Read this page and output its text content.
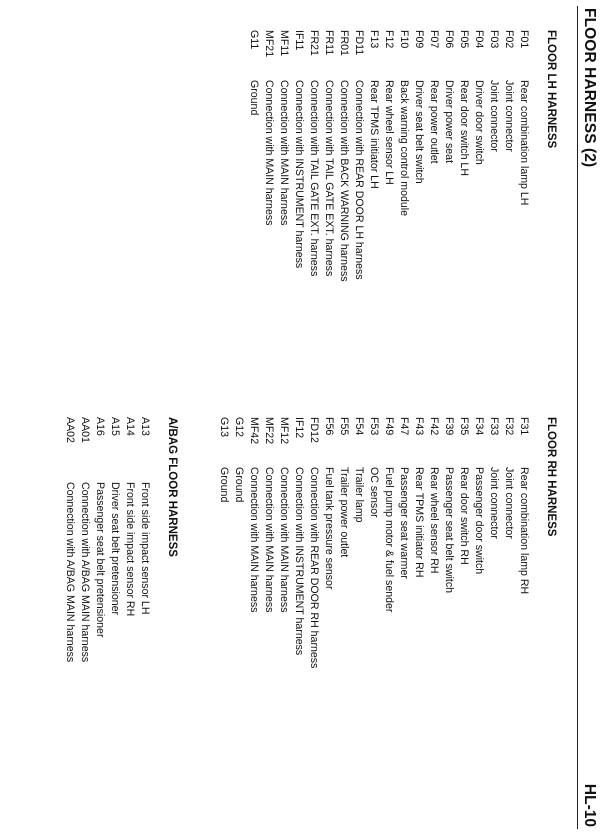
FLOOR HARNESS (2)
HL-10
FLOOR LH HARNESS
F01
Rear combination lamp LH
F02
Joint connector
F03
Joint connector
F04
Driver door switch
F05
Rear door switch LH
F06
Driver power seat
F07
Rear power outlet
F09
Driver seat belt switch
F10
Back warning control module
F12
Rear wheel sensor LH
F13
Rear TPMS initiator LH
FD11
Connection with REAR DOOR LH harness
FR01
Connection with BACK WARNING harness
FR11
Connection with TAIL GATE EXT. harness
FR21
Connection with TAIL GATE EXT. harness
IF11
Connection with INSTRUMENT harness
MF11
Connection with MAIN harness
MF21
Connection with MAIN harness
G11
Ground
FLOOR RH HARNESS
F31
Rear combination lamp RH
F32
Joint connector
F33
Joint connector
F34
Passenger door switch
F35
Rear door switch RH
F39
Passenger seat belt switch
F42
Rear wheel sensor RH
F43
Rear TPMS initiator RH
F47
Passenger seat warmer
F49
Fuel pump motor & fuel sender
F53
OC sensor
F54
Trailer lamp
F55
Trailer power outlet
F56
Fuel tank pressure sensor
FD12
Connection with REAR DOOR RH harness
IF12
Connection with INSTRUMENT harness
MF12
Connection with MAIN harness
MF22
Connection with MAIN harness
MF42
Connection with MAIN harness
G12
Ground
G13
Ground
A/BAG FLOOR HARNESS
A13
Front side impact sensor LH
A14
Front side impact sensor RH
A15
Driver seat belt pretensioner
A16
Passenger seat belt pretensioner
AA01
Connection with A/BAG MAIN harness
AA02
Connection with A/BAG MAIN harness
